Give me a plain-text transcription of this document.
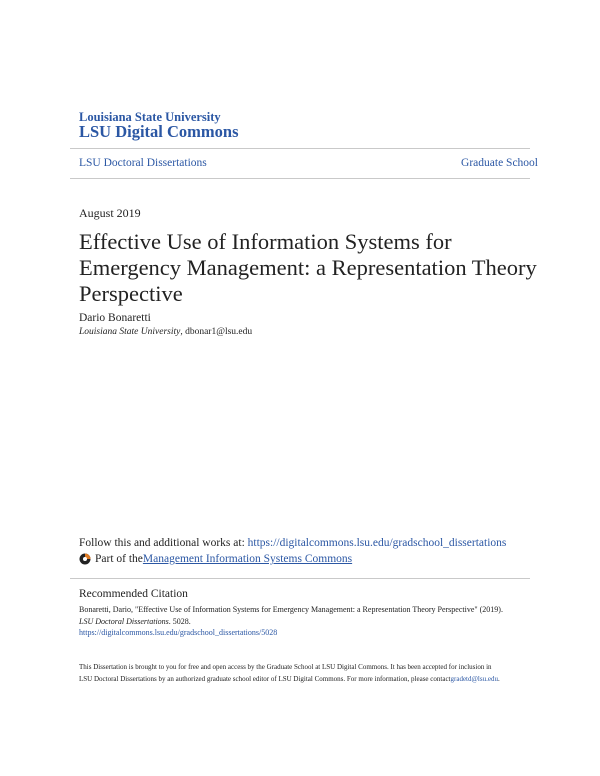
Louisiana State University
LSU Digital Commons
LSU Doctoral Dissertations	Graduate School
August 2019
Effective Use of Information Systems for Emergency Management: a Representation Theory Perspective
Dario Bonaretti
Louisiana State University, dbonar1@lsu.edu
Follow this and additional works at: https://digitalcommons.lsu.edu/gradschool_dissertations
Part of the Management Information Systems Commons
Recommended Citation
Bonaretti, Dario, "Effective Use of Information Systems for Emergency Management: a Representation Theory Perspective" (2019).
LSU Doctoral Dissertations. 5028.
https://digitalcommons.lsu.edu/gradschool_dissertations/5028
This Dissertation is brought to you for free and open access by the Graduate School at LSU Digital Commons. It has been accepted for inclusion in
LSU Doctoral Dissertations by an authorized graduate school editor of LSU Digital Commons. For more information, please contactgradetd@lsu.edu.
